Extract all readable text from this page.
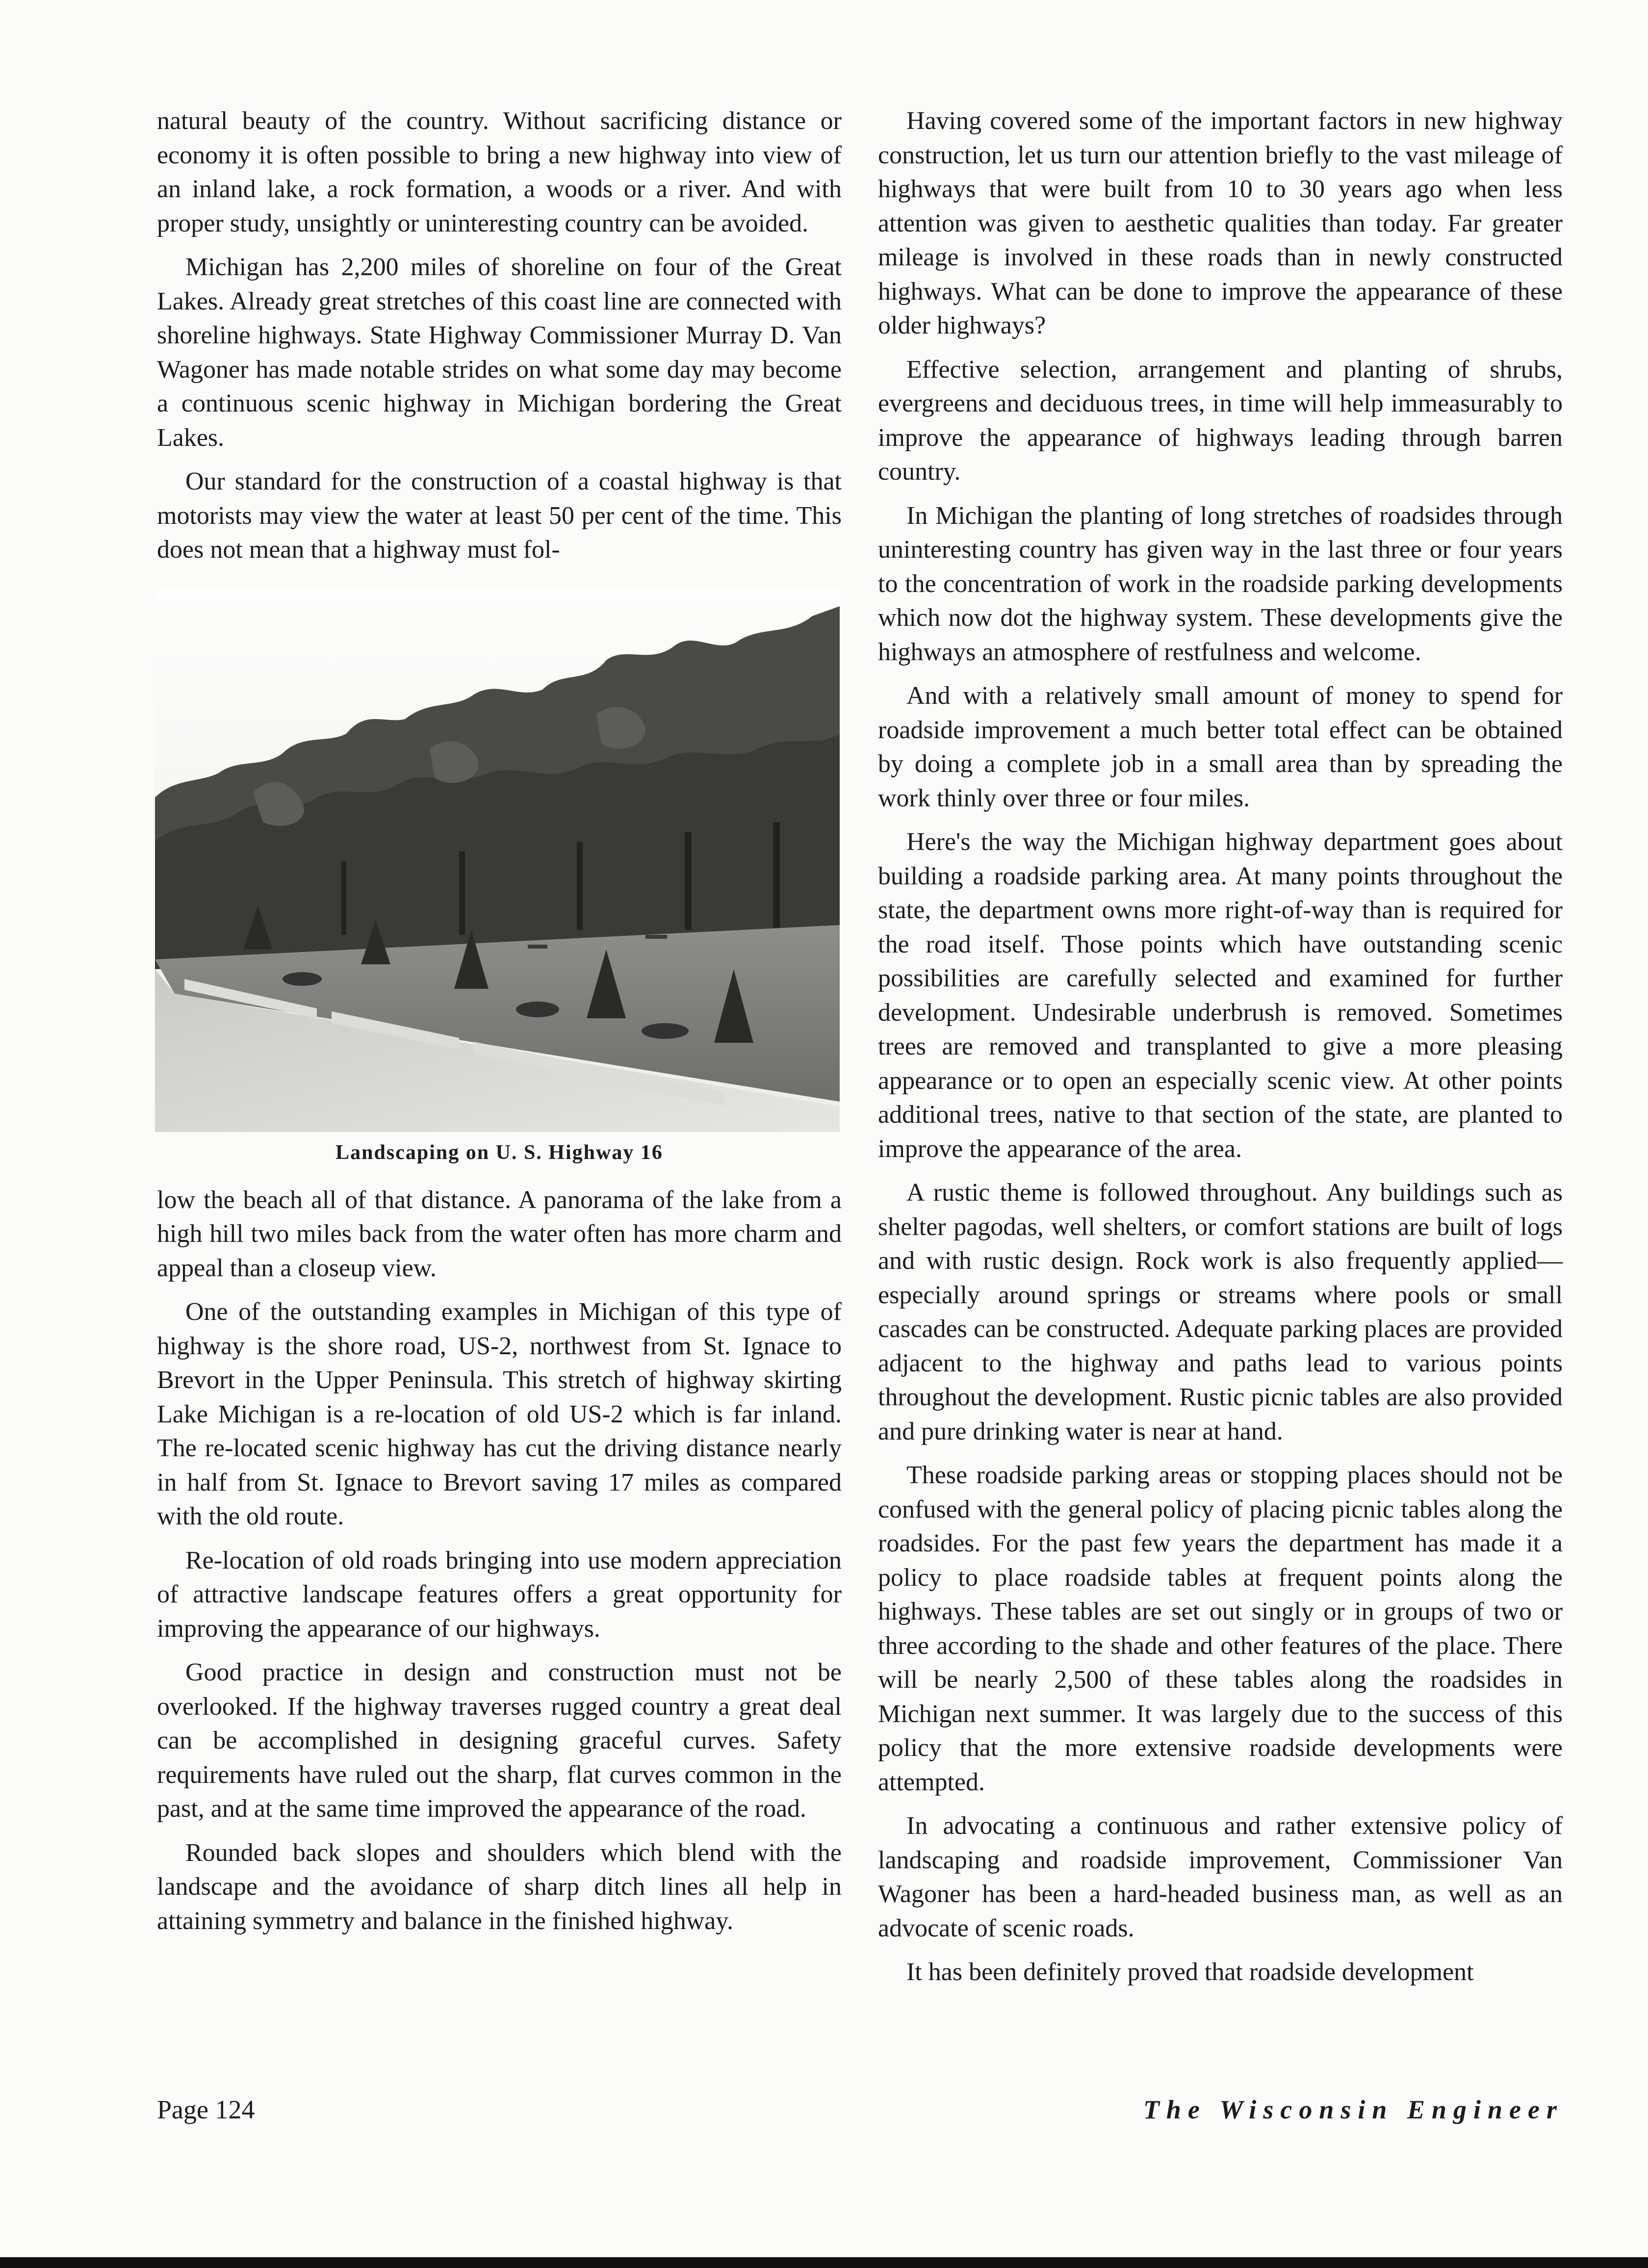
natural beauty of the country. Without sacrificing distance or economy it is often possible to bring a new highway into view of an inland lake, a rock formation, a woods or a river. And with proper study, unsightly or uninteresting country can be avoided.

Michigan has 2,200 miles of shoreline on four of the Great Lakes. Already great stretches of this coast line are connected with shoreline highways. State Highway Commissioner Murray D. Van Wagoner has made notable strides on what some day may become a continuous scenic highway in Michigan bordering the Great Lakes.

Our standard for the construction of a coastal highway is that motorists may view the water at least 50 per cent of the time. This does not mean that a highway must fol-

Landscaping on U. S. Highway 16

low the beach all of that distance. A panorama of the lake from a high hill two miles back from the water often has more charm and appeal than a closeup view.

One of the outstanding examples in Michigan of this type of highway is the shore road, US-2, northwest from St. Ignace to Brevort in the Upper Peninsula. This stretch of highway skirting Lake Michigan is a re-location of old US-2 which is far inland. The re-located scenic highway has cut the driving distance nearly in half from St. Ignace to Brevort saving 17 miles as compared with the old route.

Re-location of old roads bringing into use modern appreciation of attractive landscape features offers a great opportunity for improving the appearance of our highways.

Good practice in design and construction must not be overlooked. If the highway traverses rugged country a great deal can be accomplished in designing graceful curves. Safety requirements have ruled out the sharp, flat curves common in the past, and at the same time improved the appearance of the road.

Rounded back slopes and shoulders which blend with the landscape and the avoidance of sharp ditch lines all help in attaining symmetry and balance in the finished highway.

Having covered some of the important factors in new highway construction, let us turn our attention briefly to the vast mileage of highways that were built from 10 to 30 years ago when less attention was given to aesthetic qualities than today. Far greater mileage is involved in these roads than in newly constructed highways. What can be done to improve the appearance of these older highways?

Effective selection, arrangement and planting of shrubs, evergreens and deciduous trees, in time will help immeasurably to improve the appearance of highways leading through barren country.

In Michigan the planting of long stretches of roadsides through uninteresting country has given way in the last three or four years to the concentration of work in the roadside parking developments which now dot the highway system. These developments give the highways an atmosphere of restfulness and welcome.

And with a relatively small amount of money to spend for roadside improvement a much better total effect can be obtained by doing a complete job in a small area than by spreading the work thinly over three or four miles.

Here's the way the Michigan highway department goes about building a roadside parking area. At many points throughout the state, the department owns more right-of-way than is required for the road itself. Those points which have outstanding scenic possibilities are carefully selected and examined for further development. Undesirable underbrush is removed. Sometimes trees are removed and transplanted to give a more pleasing appearance or to open an especially scenic view. At other points additional trees, native to that section of the state, are planted to improve the appearance of the area.

A rustic theme is followed throughout. Any buildings such as shelter pagodas, well shelters, or comfort stations are built of logs and with rustic design. Rock work is also frequently applied—especially around springs or streams where pools or small cascades can be constructed. Adequate parking places are provided adjacent to the highway and paths lead to various points throughout the development. Rustic picnic tables are also provided and pure drinking water is near at hand.

These roadside parking areas or stopping places should not be confused with the general policy of placing picnic tables along the roadsides. For the past few years the department has made it a policy to place roadside tables at frequent points along the highways. These tables are set out singly or in groups of two or three according to the shade and other features of the place. There will be nearly 2,500 of these tables along the roadsides in Michigan next summer. It was largely due to the success of this policy that the more extensive roadside developments were attempted.

In advocating a continuous and rather extensive policy of landscaping and roadside improvement, Commissioner Van Wagoner has been a hard-headed business man, as well as an advocate of scenic roads.

It has been definitely proved that roadside development

Page 124	The Wisconsin Engineer
